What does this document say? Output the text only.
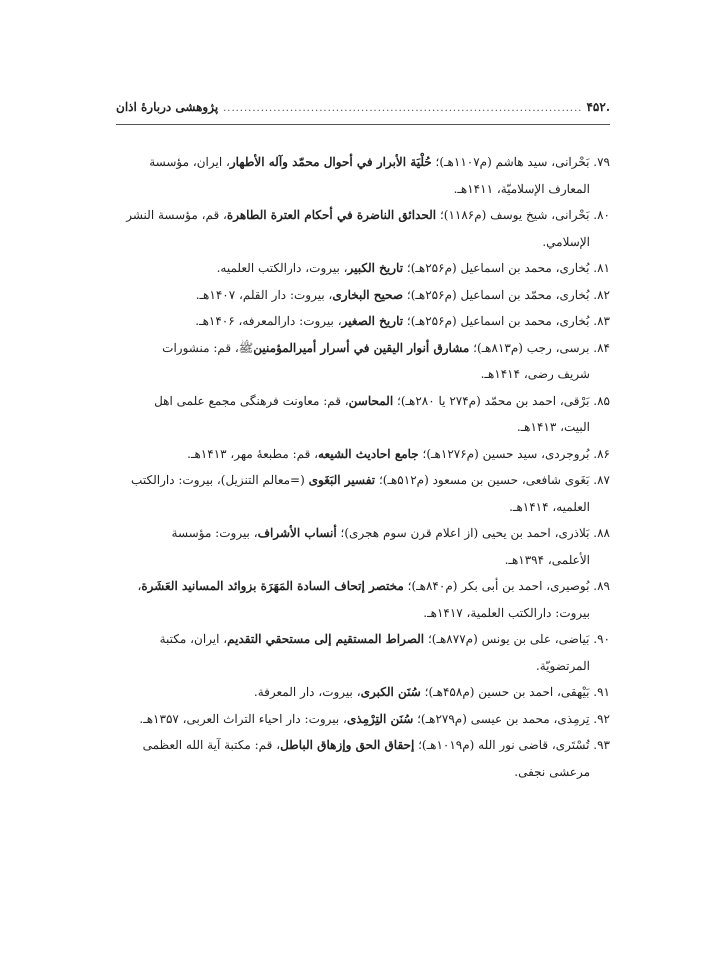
.۴۵۲
.....
پژوهشی دربارۀ اذان
۷۹. بَحْرانی، سید هاشم (م۱۱۰۷هـ)؛ حُلْيَة الأبرار في أحوال محمّد وآله الأطهار، ایران، مؤسسة
المعارف الإسلاميّة، ۱۴۱۱هـ.
۸۰. بَحْرانی، شیخ یوسف (م۱۱۸۶)؛ الحدائق الناضرة في أحكام العترة الطاهرة، قم، مؤسسة النشر
الإسلامي.
۸۱. بُخاری، محمد بن اسماعیل (م۲۵۶هـ)؛ تاریخ الکبیر، بیروت، دارالکتب العلمیه.
۸۲. بُخاری، محمّد بن اسماعیل (م۲۵۶هـ)؛ صحیح البخاری، بیروت: دار القلم، ۱۴۰۷هـ.
۸۳. بُخاری، محمد بن اسماعیل (م۲۵۶هـ)؛ تاریخ الصغیر، بیروت: دارالمعرفه، ۱۴۰۶هـ.
۸۴. برسی، رجب (م۸۱۳هـ)؛ مشارق أنوار الیقین في أسرار أمیرالمؤمنینﷺ، قم: منشورات
شریف رضی، ۱۴۱۴هـ.
۸۵. بَرْقی، احمد بن محمّد (م۲۷۴ یا ۲۸۰هـ)؛ المحاسن، قم: معاونت فرهنگی مجمع علمی اهل
البیت، ۱۴۱۳هـ.
۸۶. بُروجردی، سید حسین (م۱۲۷۶هـ)؛ جامع احادیث الشیعه، قم: مطبعۀ مهر، ۱۴۱۳هـ.
۸۷. بَغَوی شافعی، حسین بن مسعود (م۵۱۲هـ)؛ تفسیر البَغَوی (=معالم التنزیل)، بیروت: دارالکتب
العلمیه، ۱۴۱۴هـ.
۸۸. بَلاذری، احمد بن یحیی (از اعلام قرن سوم هجری)؛ أنساب الأشراف، بیروت: مؤسسة
الأعلمی، ۱۳۹۴هـ.
۸۹. بُوصیری، احمد بن أبی بکر (م۸۴۰هـ)؛ مختصر إتحاف السادة المَهَرَة بزوائد المسانید العَشَرة،
بیروت: دارالکتب العلمیة، ۱۴۱۷هـ.
۹۰. بَیاضی، علی بن یونس (م۸۷۷هـ)؛ الصراط المستقیم إلی مستحقي التقدیم، ایران، مکتبة
المرتضویّة.
۹۱. بَیْهقی، احمد بن حسین (م۴۵۸هـ)؛ سُنَن الكبرى، بیروت، دار المعرفة.
۹۲. تِرمِذی، محمد بن عیسی (م۲۷۹هـ)؛ سُنَن التِرْمِذی، بیروت: دار احیاء التراث العربی، ۱۳۵۷هـ.
۹۳. تُسْتَری، قاضی نور الله (م۱۰۱۹هـ)؛ إحقاق الحق وإزهاق الباطل، قم: مکتبة آیة الله العظمی
مرعشی نجفی.
